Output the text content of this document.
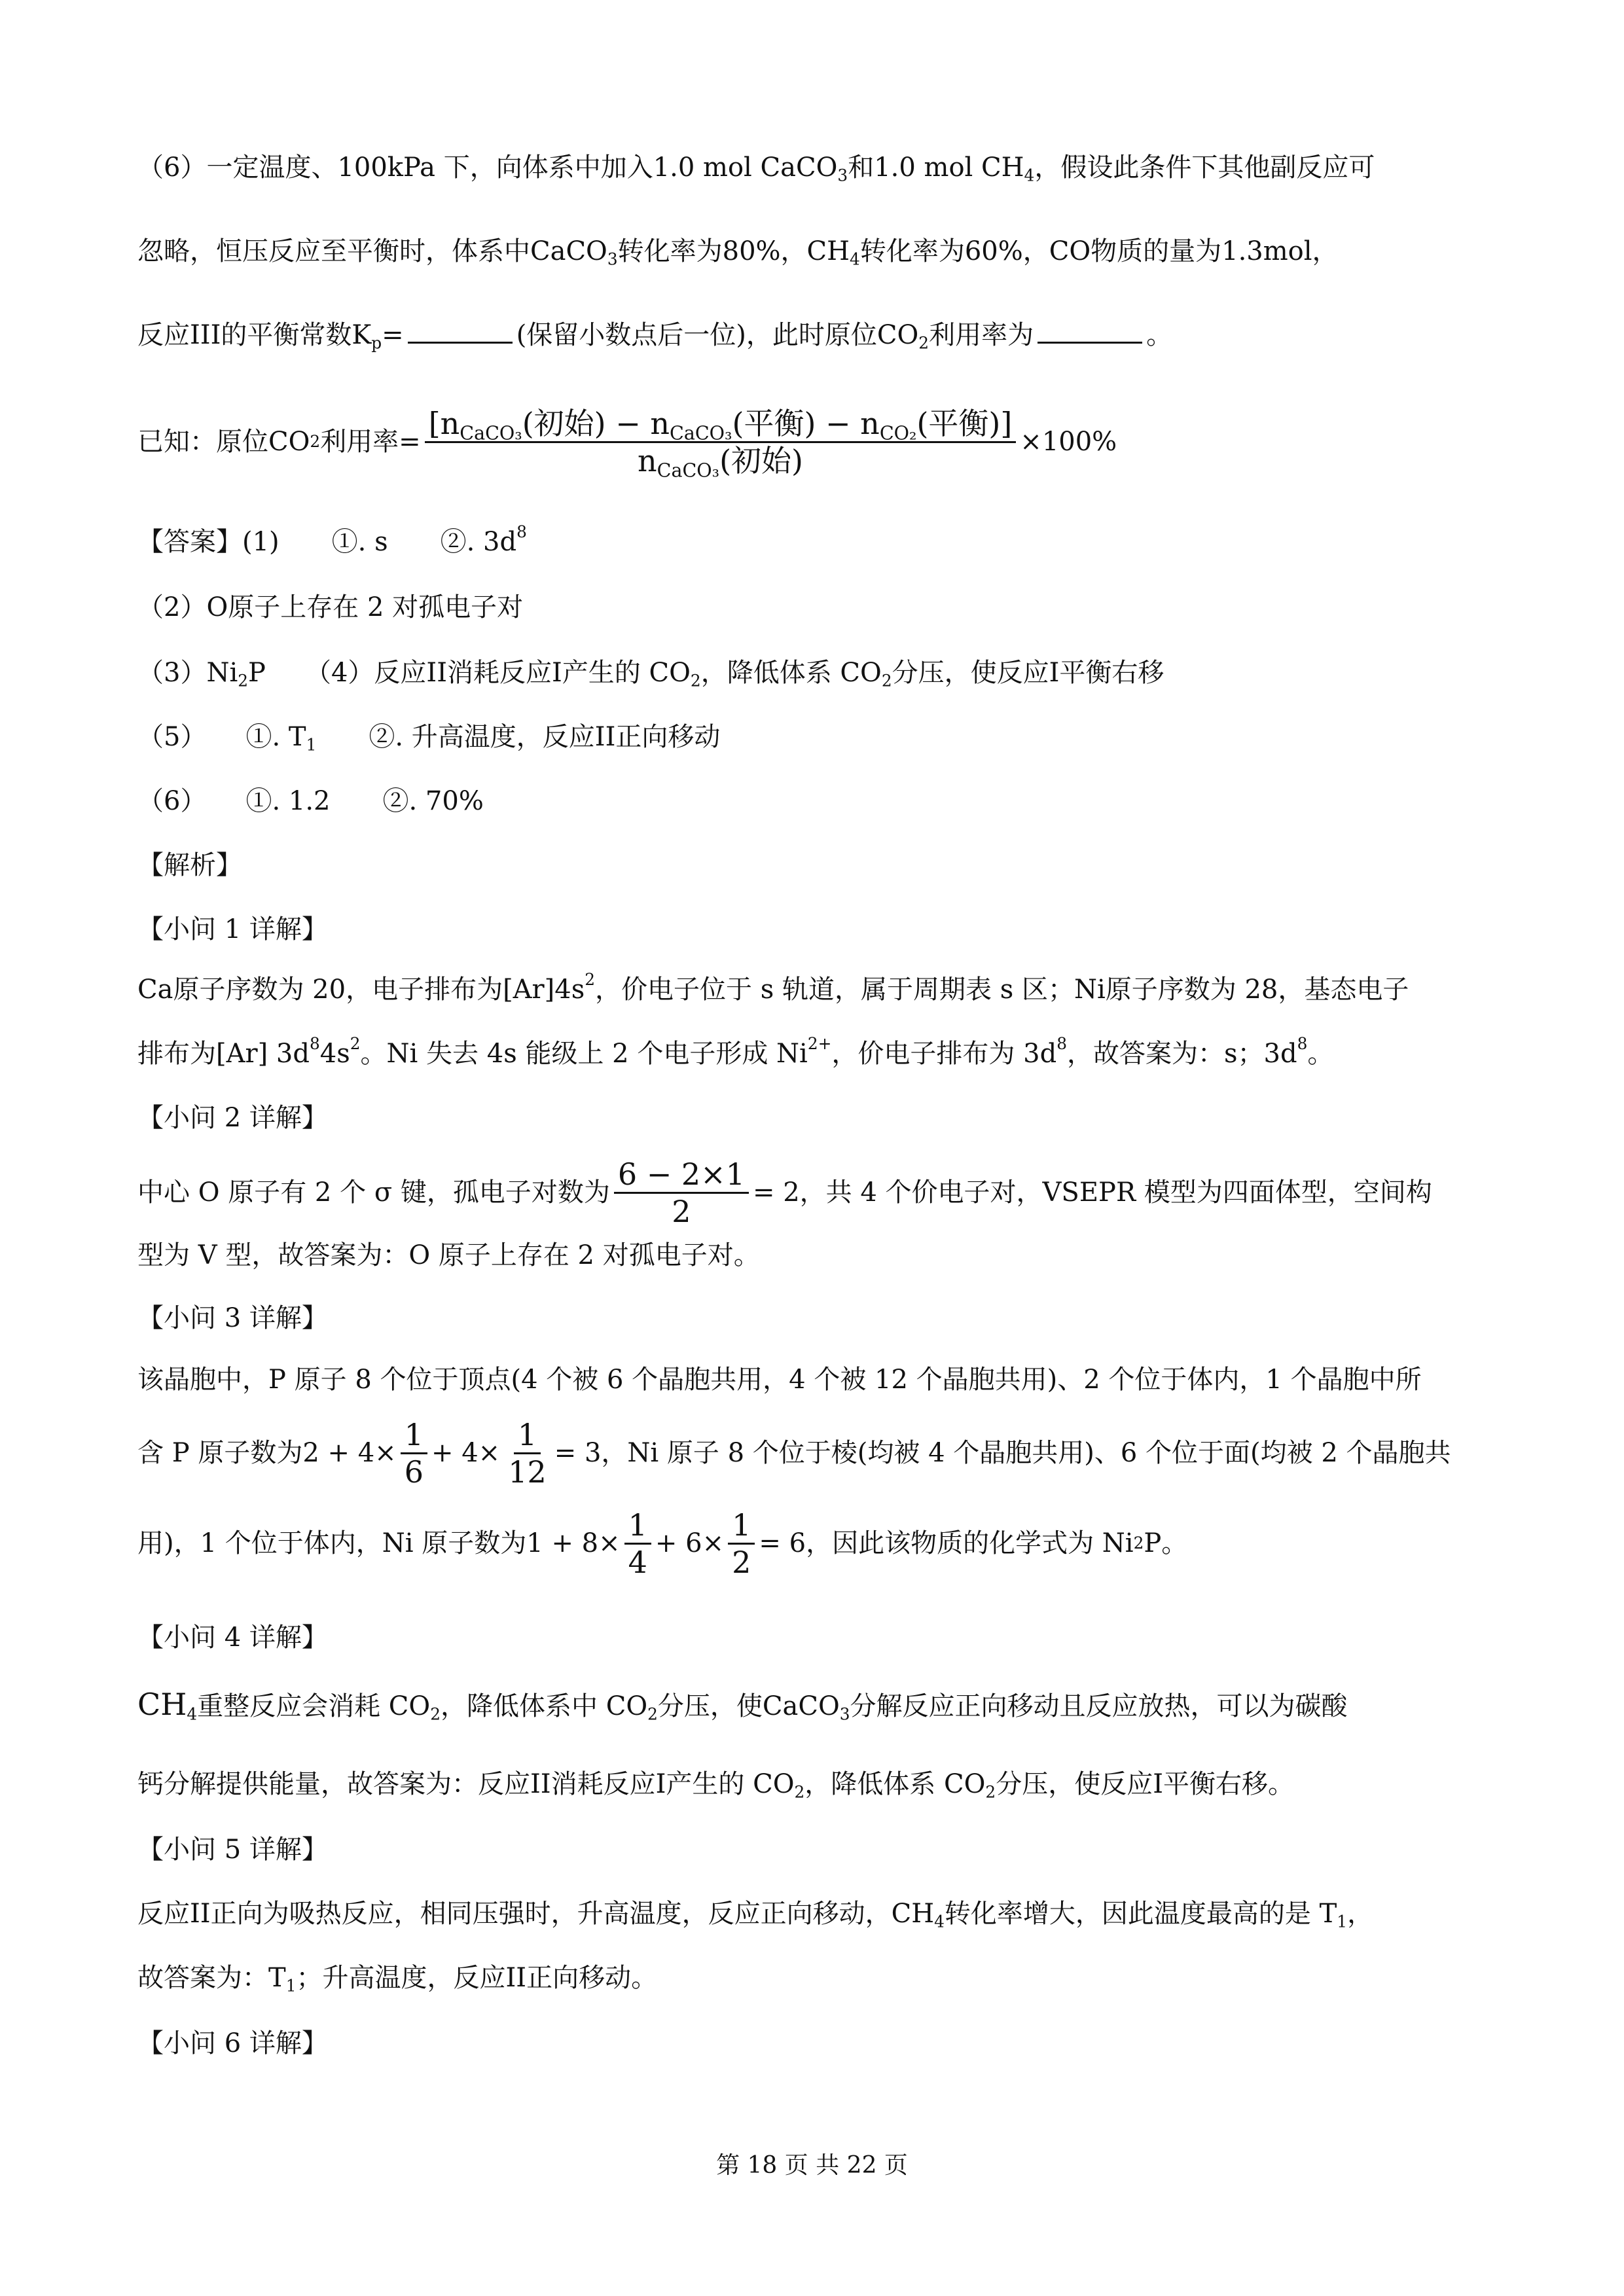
（6）一定温度、100kPa 下，向体系中加入1.0 mol CaCO$_3$和1.0 mol $CH_4$，假设此条件下其他副反应可
忽略，恒压反应至平衡时，体系中CaCO$_3$转化率为80%，$CH_4$转化率为60%，CO物质的量为1.3mol，
反应III的平衡常数$K_p=$	(保留小数点后一位)，此时原位$CO_2$利用率为	。
已知：原位CO 2 利用率= $\frac{[n_{CaCO_3}(初始) - n_{CaCO_3}(平衡) - n_{CO_2}(平衡)]}{n_{CaCO_3}(初始)} \times 100\%$
【答案】(1)　　①. s　　②. $3d^8$
（2）O原子上存在 2 对孤电子对
$(3)Ni_2P$　　（4）反应II消耗反应I产生的 $CO_2$，降低体系 $CO_2$分压，使反应I平衡右移
（5）　　①. $T_1$　　②. 升高温度，反应II正向移动
（6）　　①. 1.2　　②. 70%
【解析】
【小问 1 详解】
Ca原子序数为 20，电子排布为$[Ar]4s^2$，价电子位于 s 轨道，属于周期表 s 区；Ni原子序数为 28，基态电子
排布为[Ar] $3d^84s^2$。Ni 失去 4s 能级上 2 个电子形成 $Ni^{2+}$，价电子排布为 $3d^8$，故答案为：s；$3d^8$。
【小问 2 详解】
中心 O 原子有 2 个 σ 键，孤电子对数为 $\frac{6 - 2\times 1}{2} = 2$，共 4 个价电子对，VSEPR 模型为四面体型，空间构
型为 V 型，故答案为：O 原子上存在 2 对孤电子对。
【小问 3 详解】
该晶胞中，P 原子 8 个位于顶点(4 个被 6 个晶胞共用，4 个被 12 个晶胞共用)、2 个位于体内，1 个晶胞中所
含 P 原子数为$2 + 4\times \frac{1}{6} + 4\times \frac{1}{12} = 3$，Ni 原子 8 个位于棱(均被 4 个晶胞共用)、6 个位于面(均被 2 个晶胞共
用)，1 个位于体内，Ni 原子数为$1 + 8\times \frac{1}{4} + 6\times \frac{1}{2} = 6$，因此该物质的化学式为 Ni 2 P。
【小问 4 详解】
$CH_4$重整反应会消耗 $CO_2$，降低体系中 $CO_2$分压，使CaCO$_3$分解反应正向移动且反应放热，可以为碳酸
钙分解提供能量，故答案为：反应II消耗反应I产生的 $CO_2$，降低体系 $CO_2$分压，使反应I平衡右移。
【小问 5 详解】
反应II正向为吸热反应，相同压强时，升高温度，反应正向移动，$CH_4$转化率增大，因此温度最高的是 $T_1$，
故答案为：$T_1$；升高温度，反应II正向移动。
【小问 6 详解】
第 18 页 共 22 页
